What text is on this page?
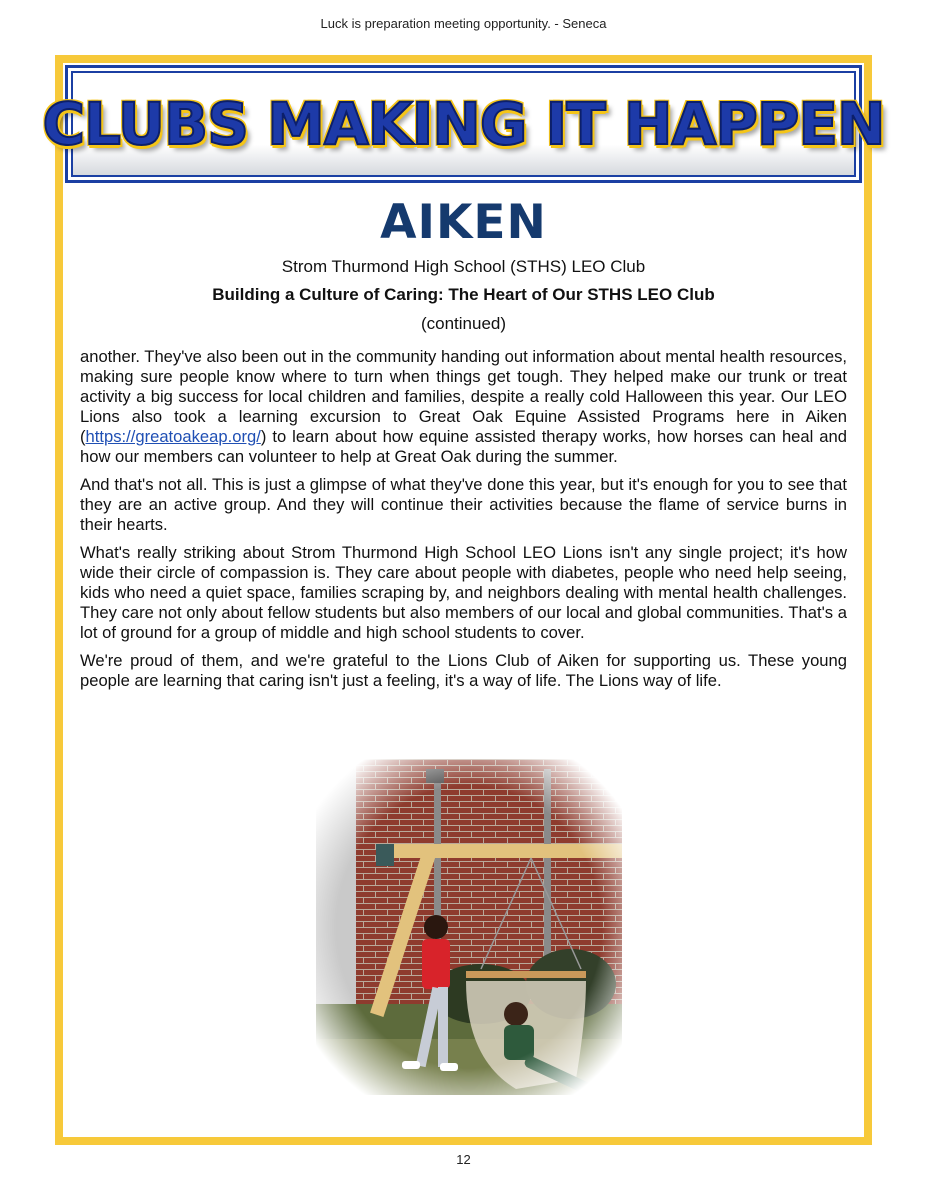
Luck is preparation meeting opportunity. - Seneca
CLUBS MAKING IT HAPPEN
AIKEN
Strom Thurmond High School (STHS) LEO Club
Building a Culture of Caring: The Heart of Our STHS LEO Club
(continued)

another. They've also been out in the community handing out information about mental health resources, making sure people know where to turn when things get tough. They helped make our trunk or treat activity a big success for local children and families, despite a really cold Halloween this year. Our LEO Lions also took a learning excursion to Great Oak Equine Assisted Programs here in Aiken (https://greatoakeap.org/) to learn about how equine assisted therapy works, how horses can heal and how our members can volunteer to help at Great Oak during the summer.

And that's not all. This is just a glimpse of what they've done this year, but it's enough for you to see that they are an active group. And they will continue their activities because the flame of service burns in their hearts.

What's really striking about Strom Thurmond High School LEO Lions isn't any single project; it's how wide their circle of compassion is. They care about people with diabetes, people who need help seeing, kids who need a quiet space, families scraping by, and neighbors dealing with mental health challenges. They care not only about fellow students but also members of our local and global communities. That's a lot of ground for a group of middle and high school students to cover.

We're proud of them, and we're grateful to the Lions Club of Aiken for supporting us. These young people are learning that caring isn't just a feeling, it's a way of life. The Lions way of life.

12
